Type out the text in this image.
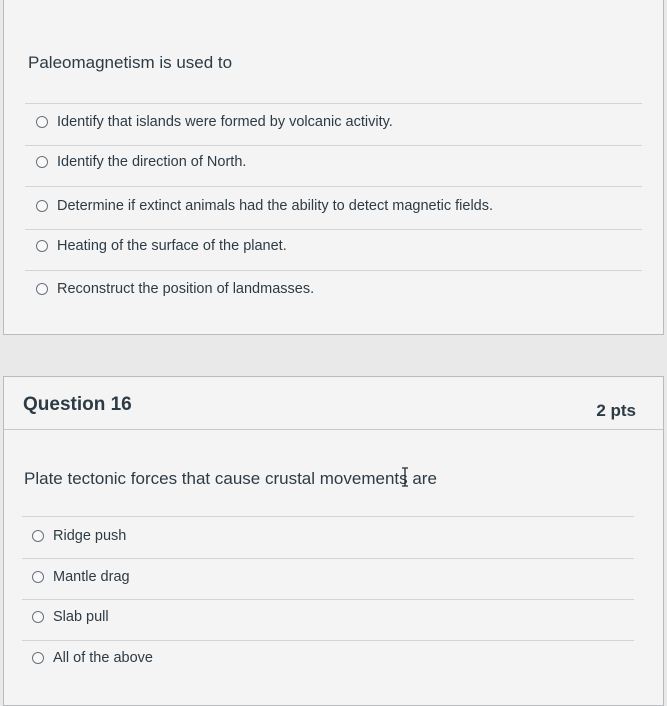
Paleomagnetism is used to
Identify that islands were formed by volcanic activity.
Identify the direction of North.
Determine if extinct animals had the ability to detect magnetic fields.
Heating of the surface of the planet.
Reconstruct the position of landmasses.
Question 16	2 pts
Plate tectonic forces that cause crustal movements are
Ridge push
Mantle drag
Slab pull
All of the above
